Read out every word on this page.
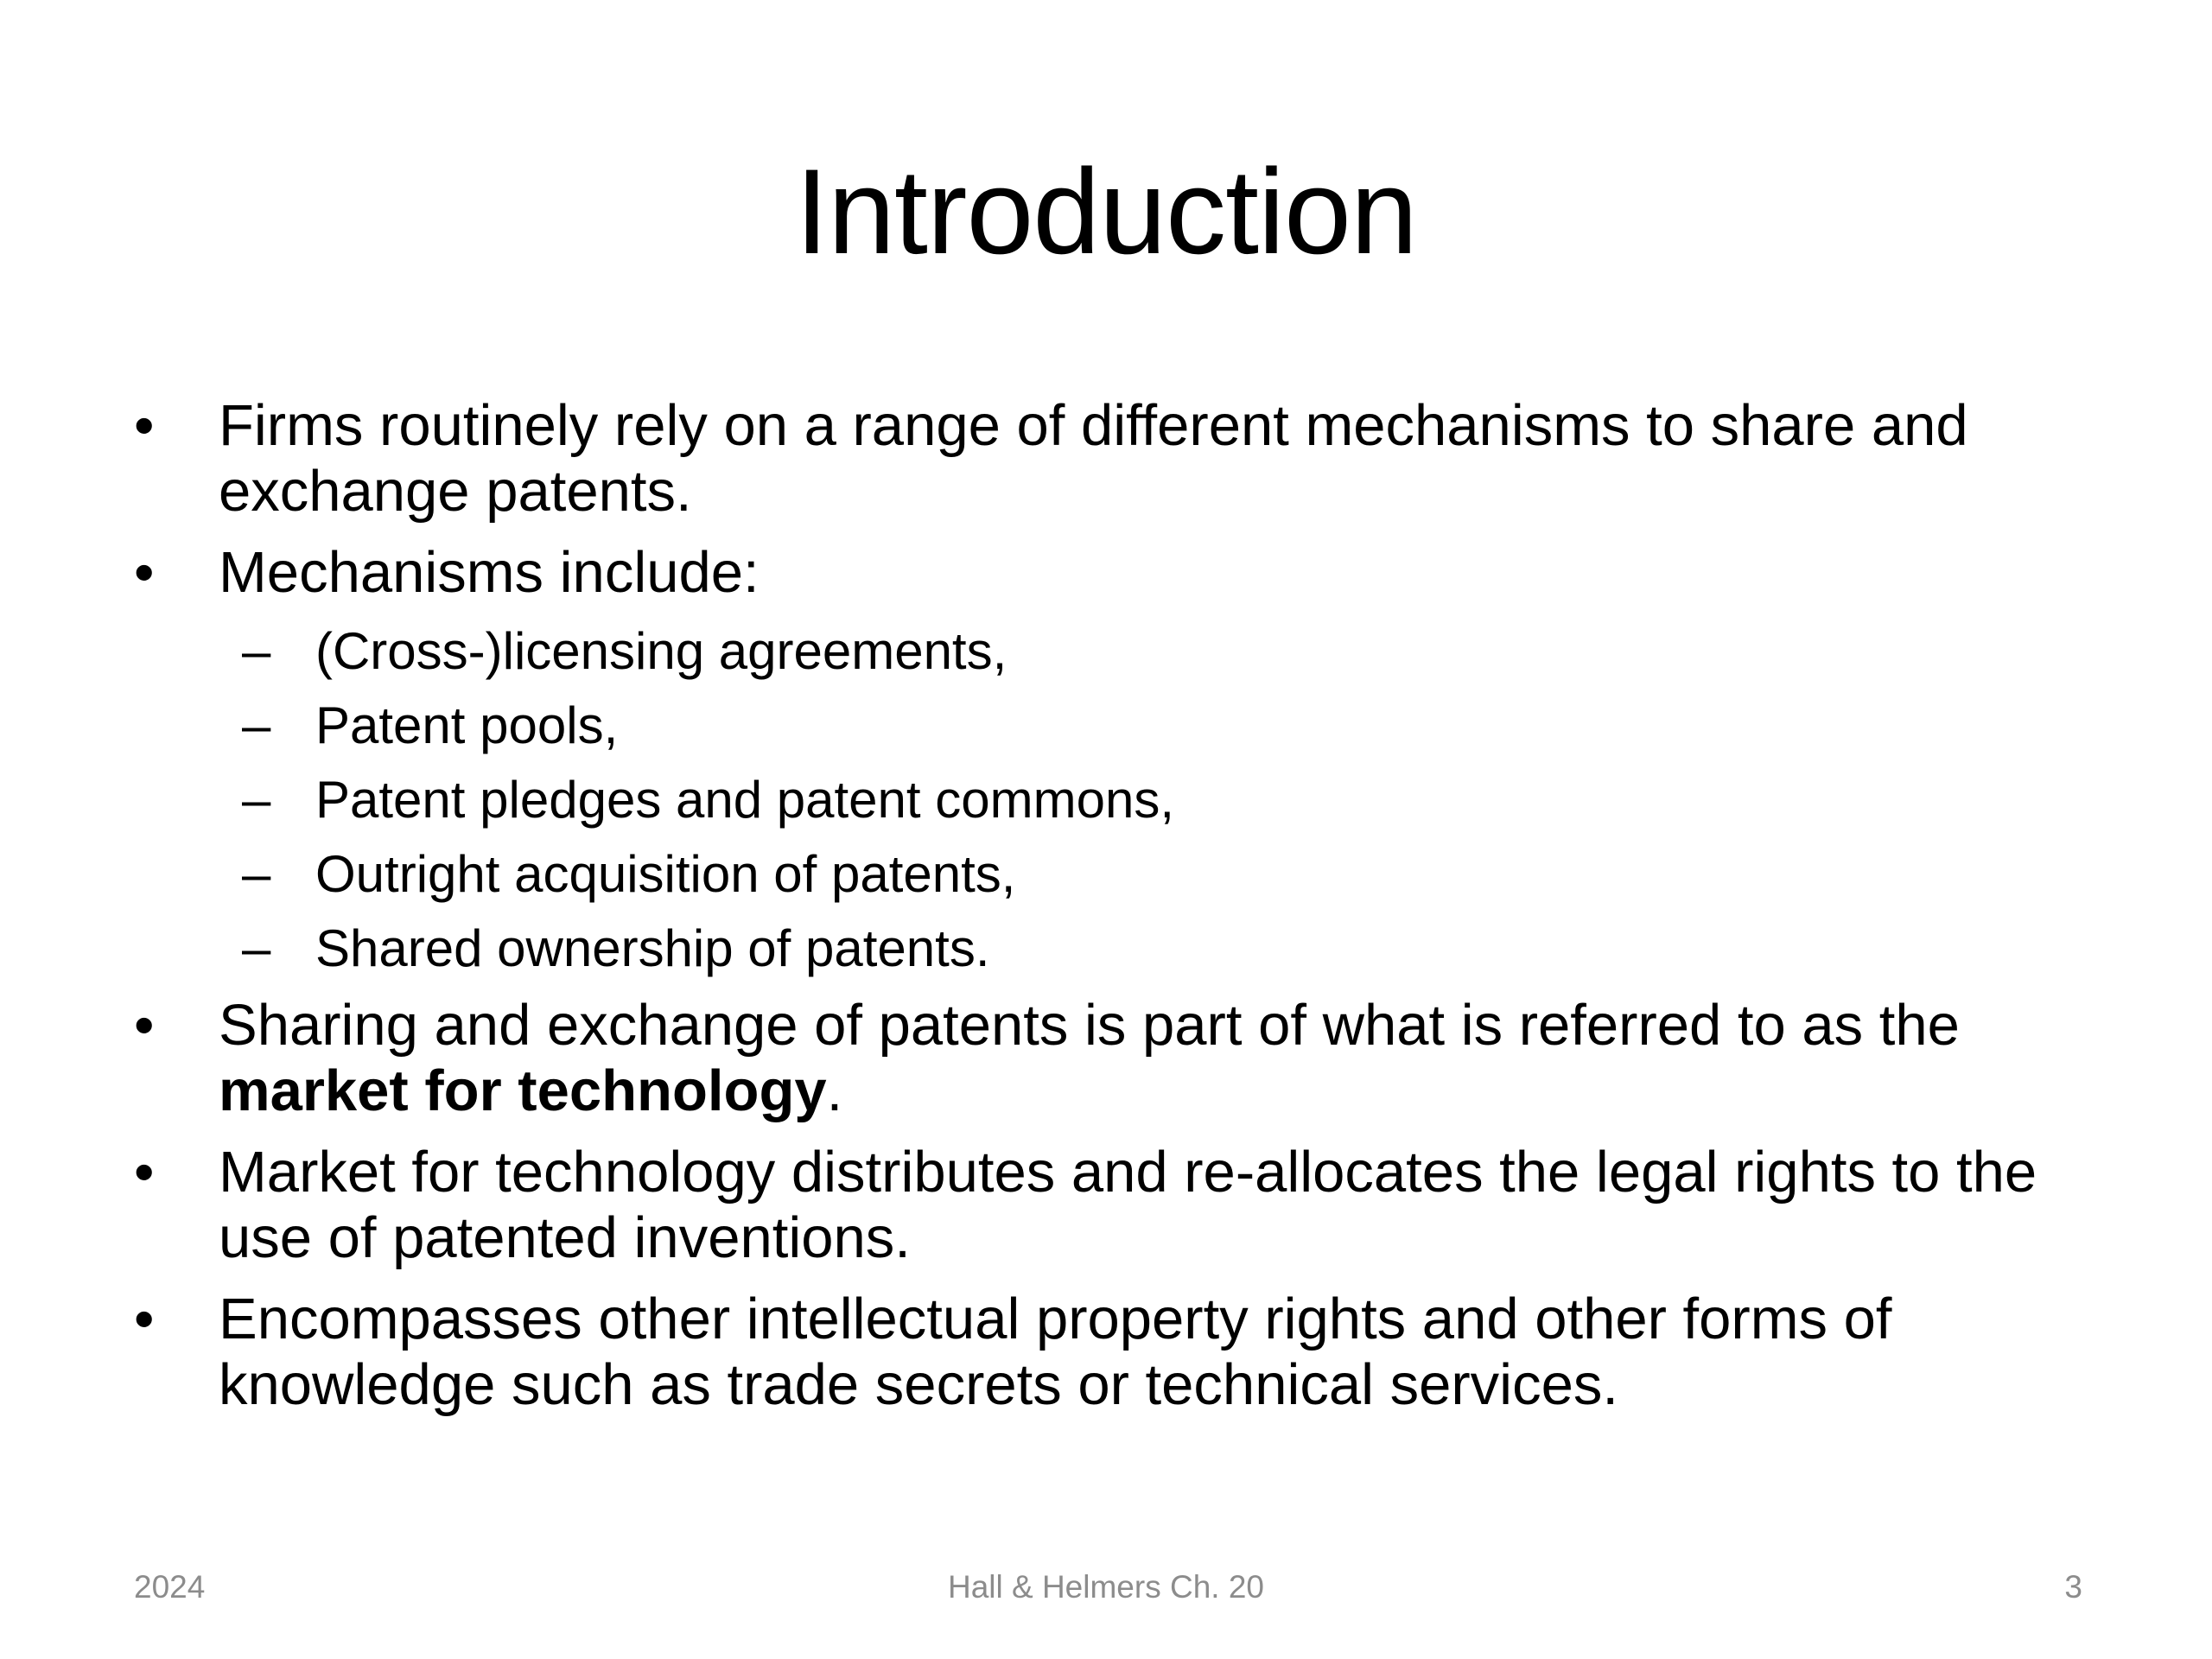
Introduction
•	Firms routinely rely on a range of different mechanisms to share and exchange patents.
•	Mechanisms include:
– (Cross-)licensing agreements,
– Patent pools,
– Patent pledges and patent commons,
– Outright acquisition of patents,
– Shared ownership of patents.
•	Sharing and exchange of patents is part of what is referred to as the market for technology.
•	Market for technology distributes and re-allocates the legal rights to the use of patented inventions.
•	Encompasses other intellectual property rights and other forms of knowledge such as trade secrets or technical services.
2024	Hall & Helmers Ch. 20	3
